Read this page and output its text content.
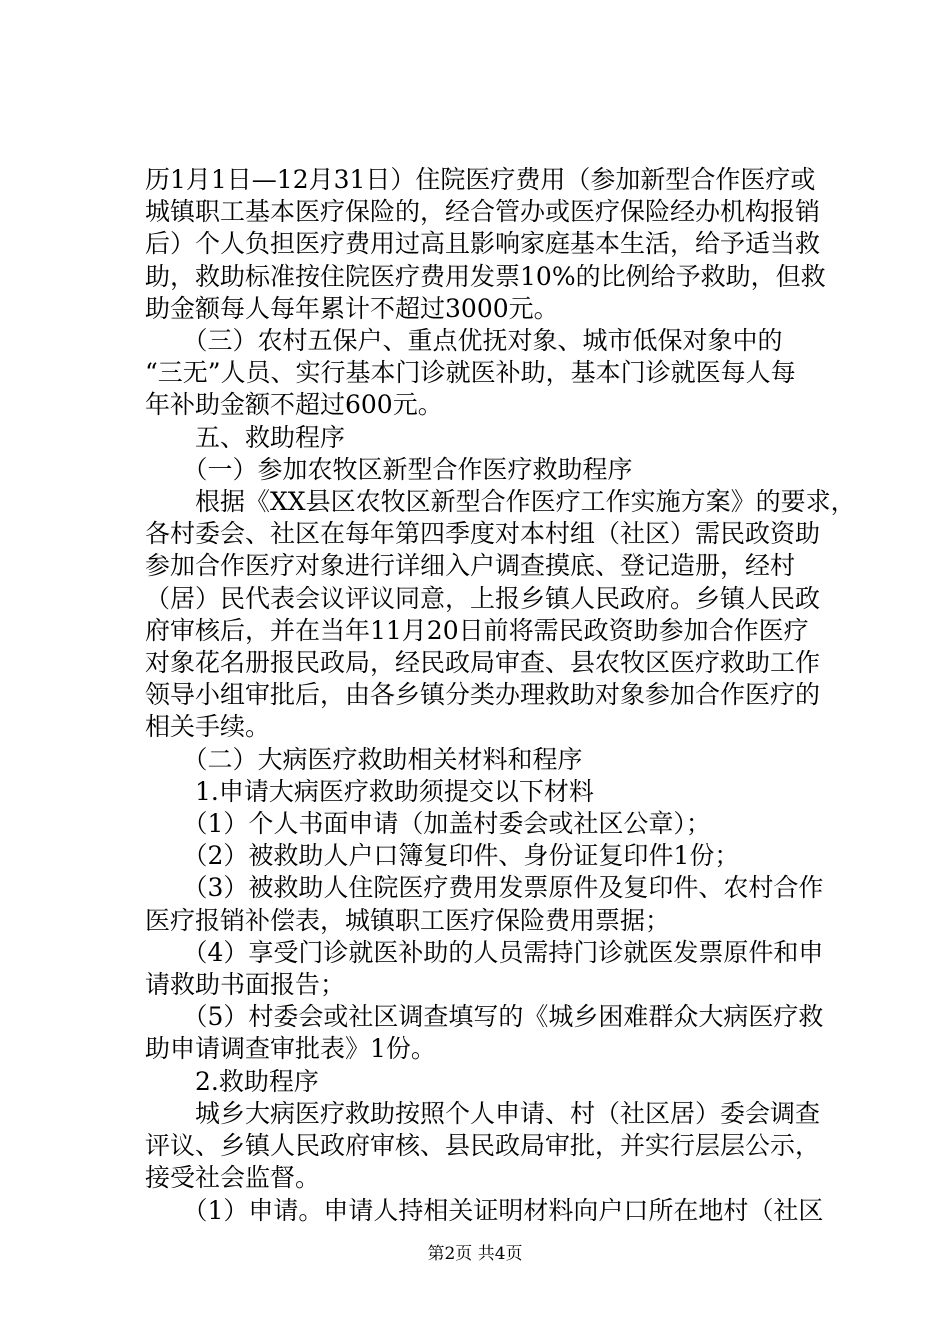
历1月1日—12月31日）住院医疗费用（参加新型合作医疗或
城镇职工基本医疗保险的，经合管办或医疗保险经办机构报销
后）个人负担医疗费用过高且影响家庭基本生活，给予适当救
助，救助标准按住院医疗费用发票10%的比例给予救助，但救
助金额每人每年累计不超过3000元。
　　（三）农村五保户、重点优抚对象、城市低保对象中的
“三无”人员、实行基本门诊就医补助，基本门诊就医每人每
年补助金额不超过600元。
　　五、救助程序
　　（一）参加农牧区新型合作医疗救助程序
　　根据《XX县区农牧区新型合作医疗工作实施方案》的要求，
各村委会、社区在每年第四季度对本村组（社区）需民政资助
参加合作医疗对象进行详细入户调查摸底、登记造册，经村
（居）民代表会议评议同意，上报乡镇人民政府。乡镇人民政
府审核后，并在当年11月20日前将需民政资助参加合作医疗
对象花名册报民政局，经民政局审查、县农牧区医疗救助工作
领导小组审批后，由各乡镇分类办理救助对象参加合作医疗的
相关手续。
　　（二）大病医疗救助相关材料和程序
　　1.申请大病医疗救助须提交以下材料
　　（1）个人书面申请（加盖村委会或社区公章）；
　　（2）被救助人户口簿复印件、身份证复印件1份；
　　（3）被救助人住院医疗费用发票原件及复印件、农村合作
医疗报销补偿表，城镇职工医疗保险费用票据；
　　（4）享受门诊就医补助的人员需持门诊就医发票原件和申
请救助书面报告；
　　（5）村委会或社区调查填写的《城乡困难群众大病医疗救
助申请调查审批表》1份。
　　2.救助程序
　　城乡大病医疗救助按照个人申请、村（社区居）委会调查
评议、乡镇人民政府审核、县民政局审批，并实行层层公示，
接受社会监督。
　　（1）申请。申请人持相关证明材料向户口所在地村（社区
第2页 共4页
